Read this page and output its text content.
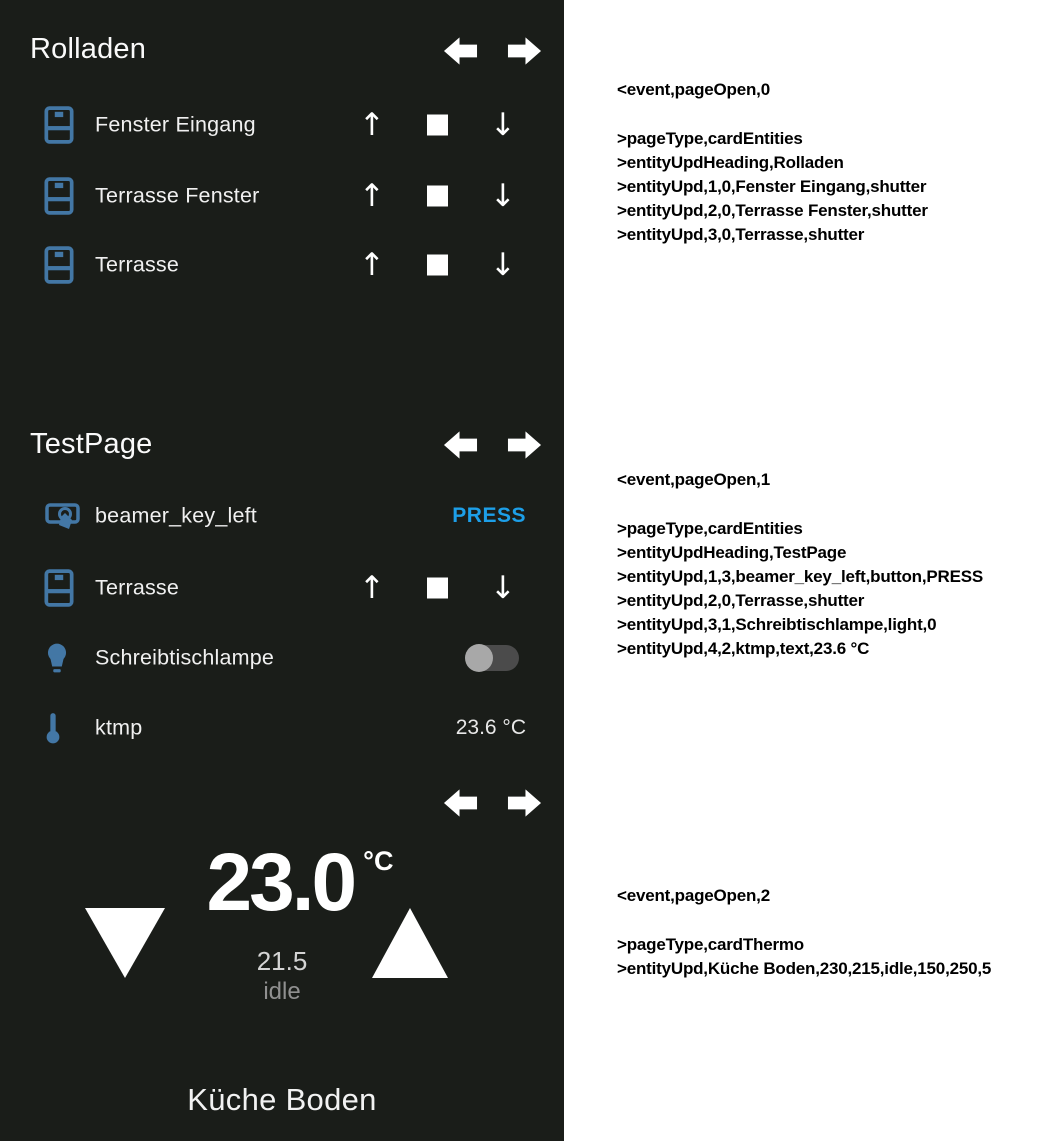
Rolladen
Fenster Eingang	↑	↓
Terrasse Fenster	↑	↓
Terrasse	↑	↓
TestPage
beamer_key_left	PRESS
Terrasse	↑	↓
Schreibtischlampe
ktmp	23.6 °C
23.0 °C
21.5
idle
Küche Boden
<event,pageOpen,0
>pageType,cardEntities
>entityUpdHeading,Rolladen
>entityUpd,1,0,Fenster Eingang,shutter
>entityUpd,2,0,Terrasse Fenster,shutter
>entityUpd,3,0,Terrasse,shutter
<event,pageOpen,1
>pageType,cardEntities
>entityUpdHeading,TestPage
>entityUpd,1,3,beamer_key_left,button,PRESS
>entityUpd,2,0,Terrasse,shutter
>entityUpd,3,1,Schreibtischlampe,light,0
>entityUpd,4,2,ktmp,text,23.6 °C
<event,pageOpen,2
>pageType,cardThermo
>entityUpd,Küche Boden,230,215,idle,150,250,5
